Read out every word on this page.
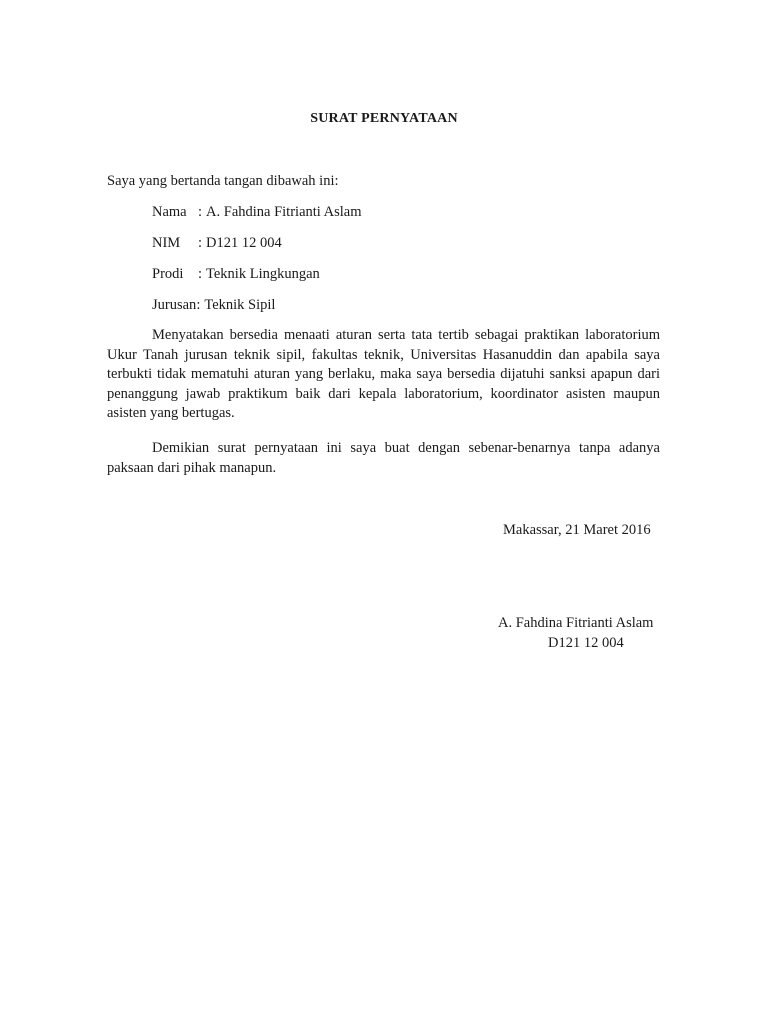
SURAT PERNYATAAN
Saya yang bertanda tangan dibawah ini:
Nama : A. Fahdina Fitrianti Aslam
NIM : D121 12 004
Prodi : Teknik Lingkungan
Jurusan: Teknik Sipil

Menyatakan bersedia menaati aturan serta tata tertib sebagai praktikan laboratorium Ukur Tanah jurusan teknik sipil, fakultas teknik, Universitas Hasanuddin dan apabila saya terbukti tidak mematuhi aturan yang berlaku, maka saya bersedia dijatuhi sanksi apapun dari penanggung jawab praktikum baik dari kepala laboratorium, koordinator asisten maupun asisten yang bertugas.

Demikian surat pernyataan ini saya buat dengan sebenar-benarnya tanpa adanya paksaan dari pihak manapun.

Makassar, 21 Maret 2016
A. Fahdina Fitrianti Aslam
D121 12 004
